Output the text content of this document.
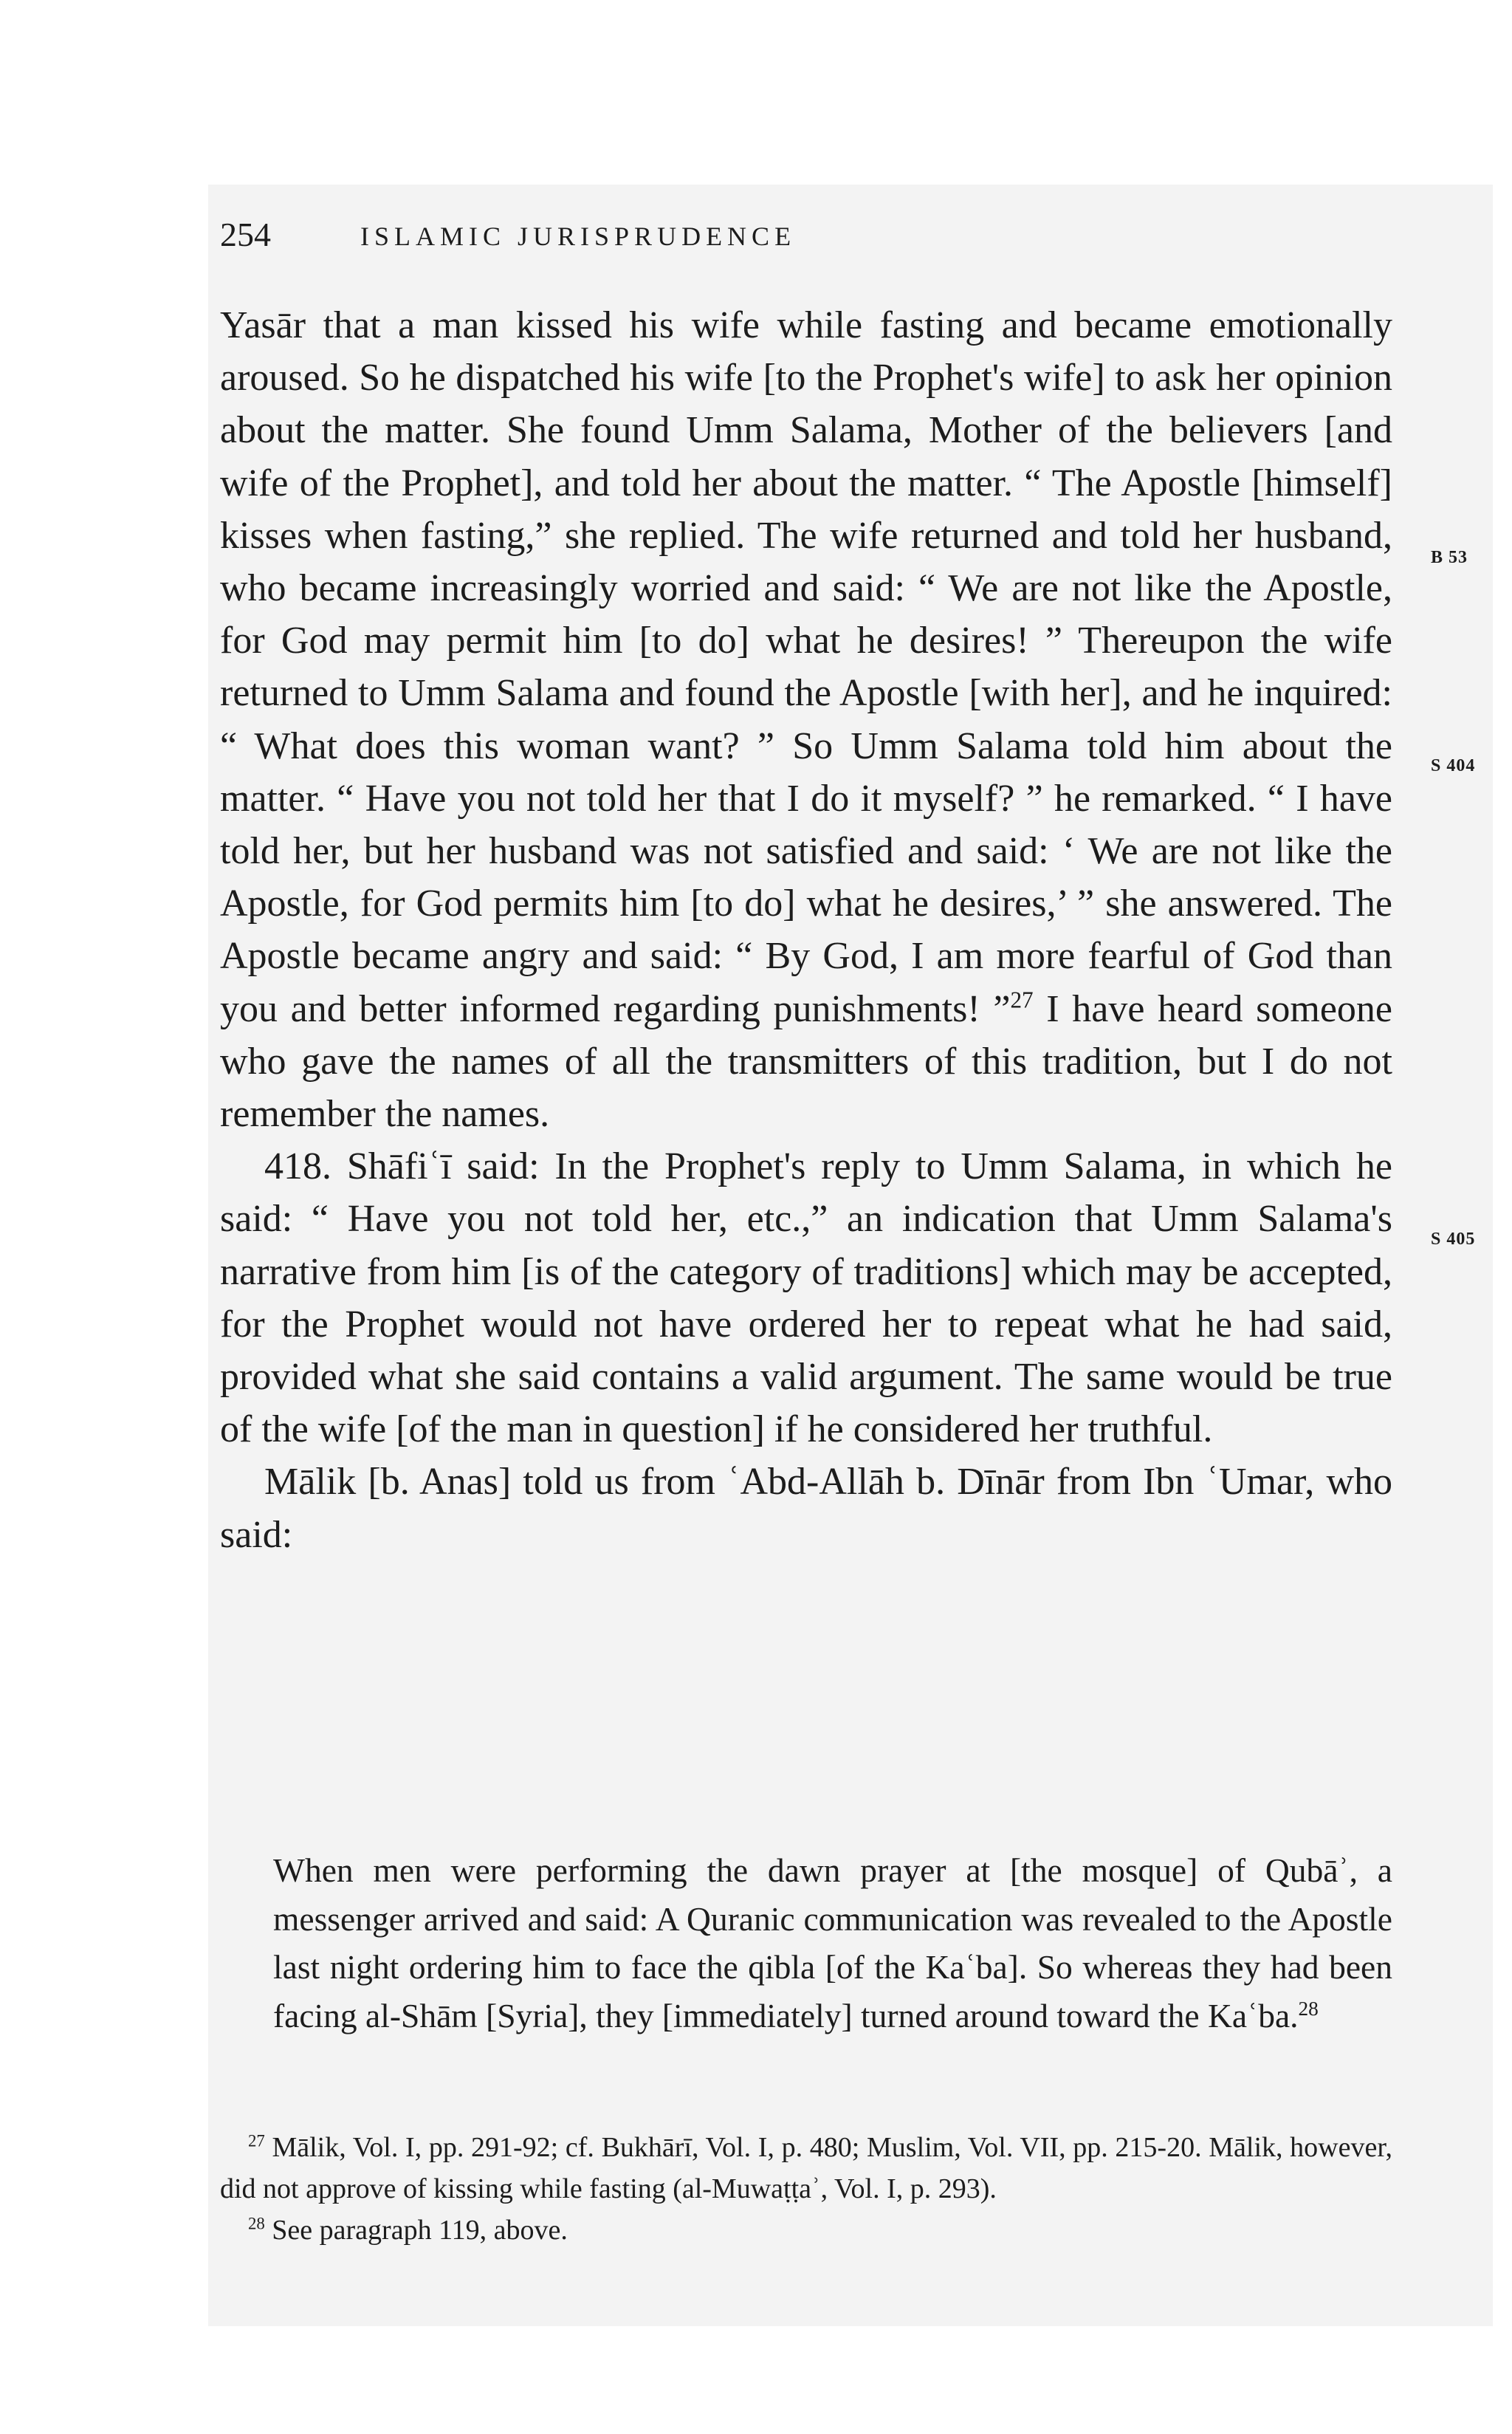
254	ISLAMIC JURISPRUDENCE

Yasār that a man kissed his wife while fasting and became emotionally aroused. So he dispatched his wife [to the Prophet's wife] to ask her opinion about the matter. She found Umm Salama, Mother of the believers [and wife of the Prophet], and told her about the matter. “ The Apostle [himself] kisses when fasting,” she replied. The wife returned and told her husband, who became increasingly worried and said: “ We are not like the Apostle, for God may permit him [to do] what he desires! ” Thereupon the wife returned to Umm Salama and found the Apostle [with her], and he inquired: “ What does this woman want? ” So Umm Salama told him about the matter. “ Have you not told her that I do it myself? ” he remarked. “ I have told her, but her husband was not satisfied and said: ‘ We are not like the Apostle, for God permits him [to do] what he desires,’ ” she answered. The Apostle became angry and said: “ By God, I am more fearful of God than you and better informed regarding punishments! ”$^{27}$ I have heard someone who gave the names of all the transmitters of this tradition, but I do not remember the names.

418. Shāfiʿī said: In the Prophet's reply to Umm Salama, in which he said: “ Have you not told her, etc.,” an indication that Umm Salama's narrative from him [is of the category of traditions] which may be accepted, for the Prophet would not have ordered her to repeat what he had said, provided what she said contains a valid argument. The same would be true of the wife [of the man in question] if he considered her truthful.

Mālik [b. Anas] told us from ʿAbd-Allāh b. Dīnār from Ibn ʿUmar, who said:

When men were performing the dawn prayer at [the mosque] of Qubāʾ, a messenger arrived and said: A Quranic communication was revealed to the Apostle last night ordering him to face the qibla [of the Kaʿba]. So whereas they had been facing al-Shām [Syria], they [immediately] turned around toward the Kaʿba.$^{28}$

$^{27}$ Mālik, Vol. I, pp. 291-92; cf. Bukhārī, Vol. I, p. 480; Muslim, Vol. VII, pp. 215-20. Mālik, however, did not approve of kissing while fasting (al-Muwaṭṭaʾ, Vol. I, p. 293).

$^{28}$ See paragraph 119, above.

B 53
S 404
S 405
